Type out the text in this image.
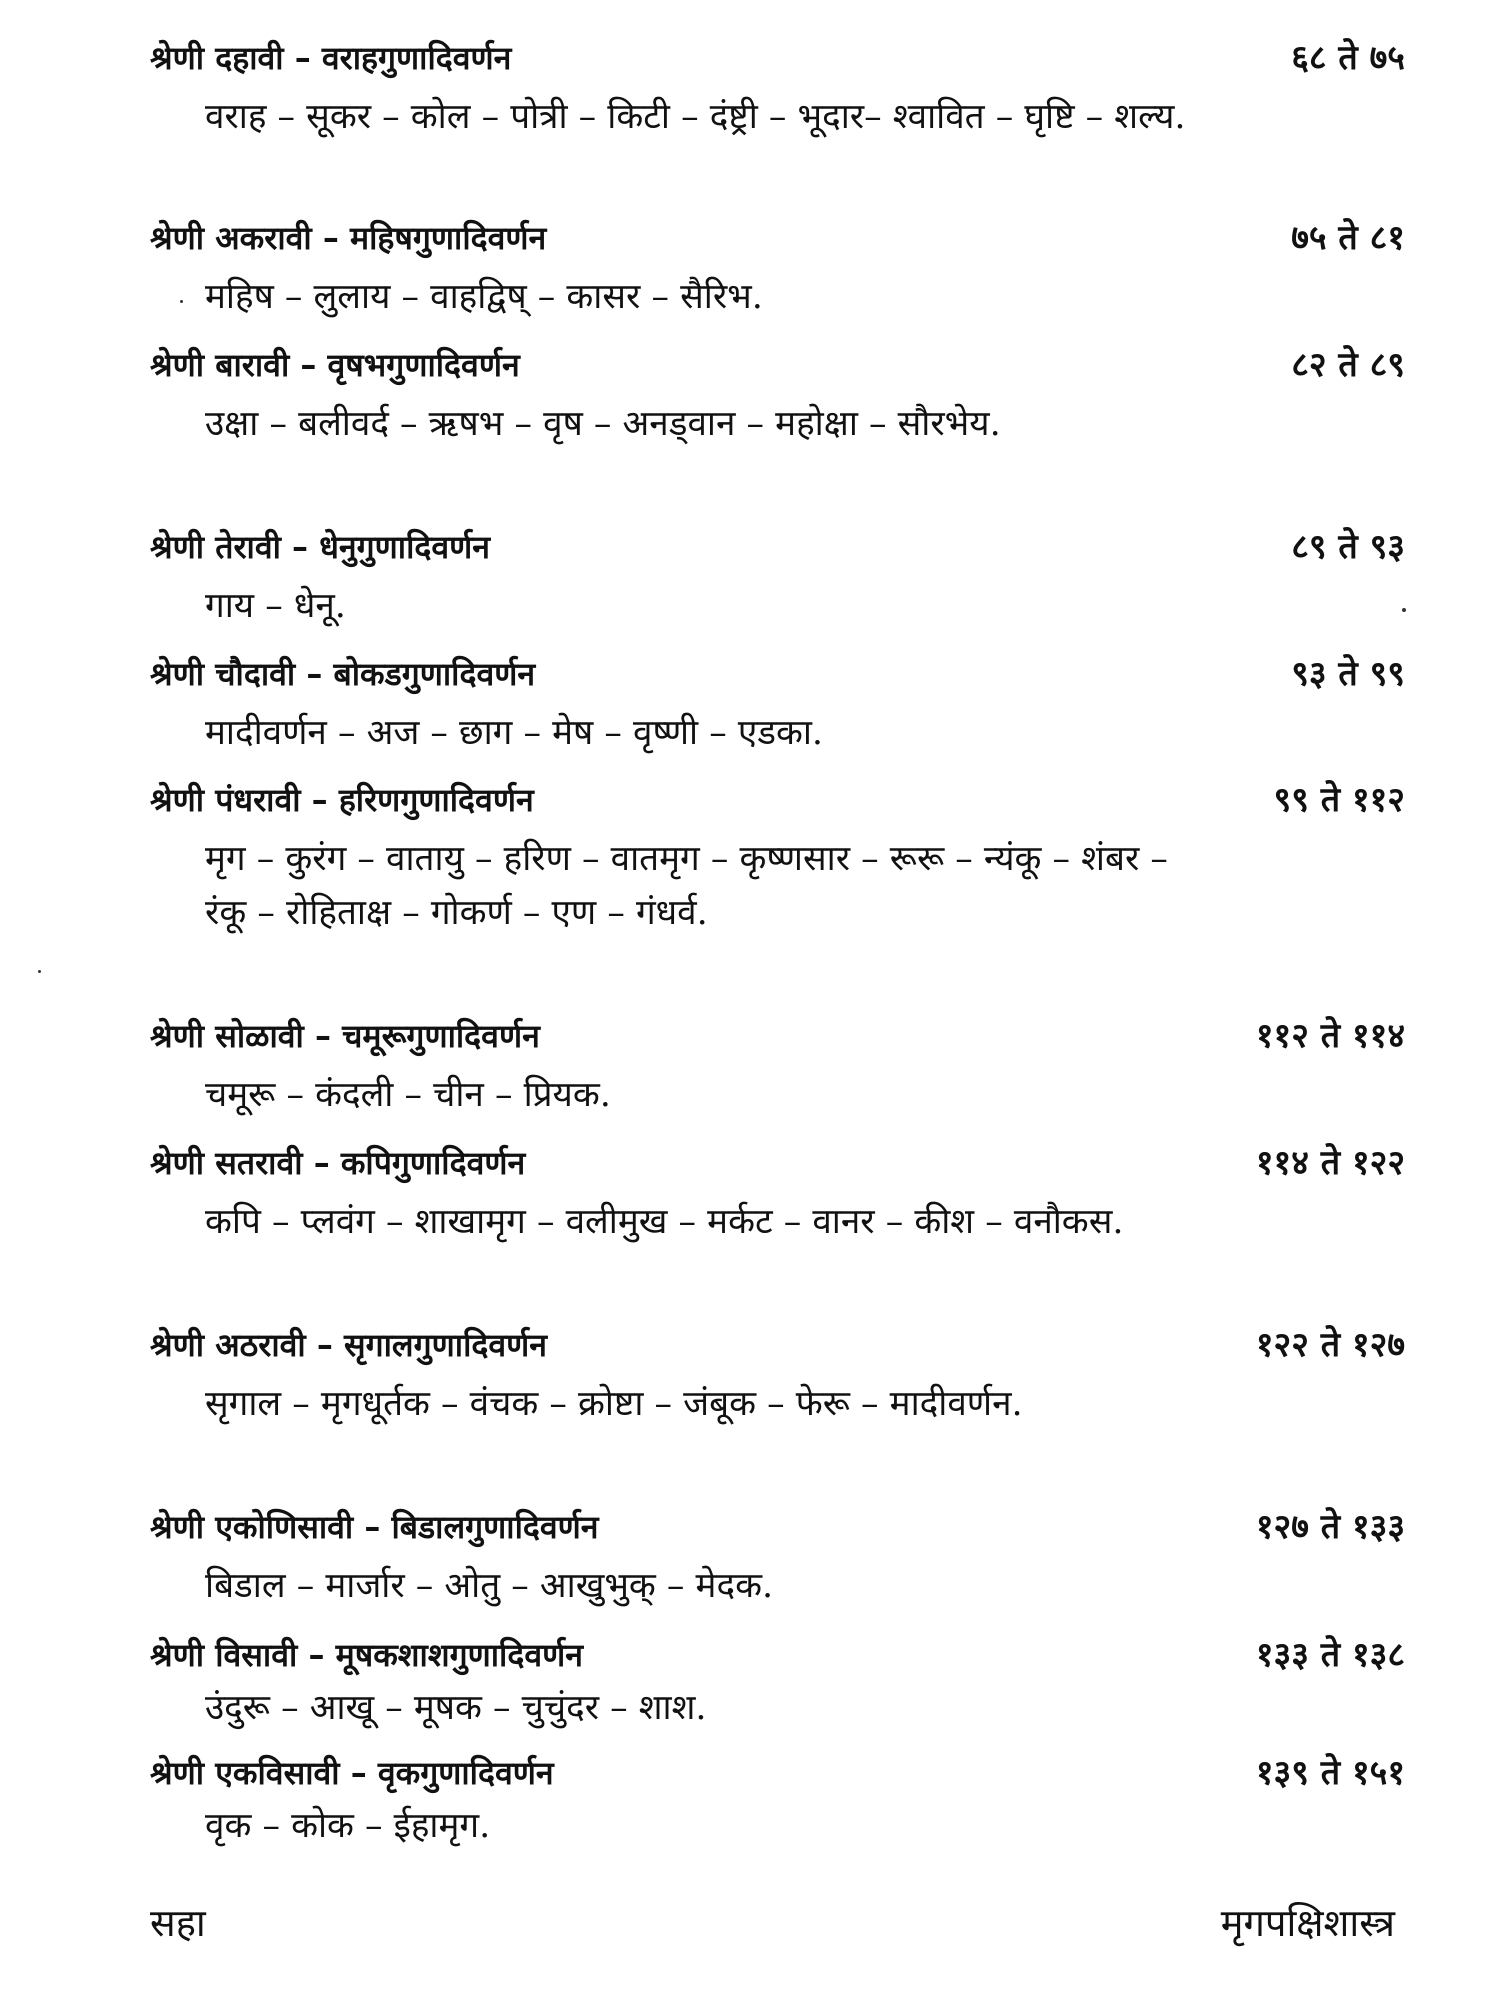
श्रेणी दहावी – वराहगुणादिवर्णन	६८ ते ७५
वराह – सूकर – कोल – पोत्री – किटी – दंष्ट्री – भूदार– श्वावित – घृष्टि – शल्य.
श्रेणी अकरावी – महिषगुणादिवर्णन	७५ ते ८१
महिष – लुलाय – वाहद्विष् – कासर – सैरिभ.
श्रेणी बारावी – वृषभगुणादिवर्णन	८२ ते ८९
उक्षा – बलीवर्द – ऋषभ – वृष – अनड्वान – महोक्षा – सौरभेय.
श्रेणी तेरावी – धेनुगुणादिवर्णन	८९ ते ९३
गाय – धेनू.
श्रेणी चौदावी – बोकडगुणादिवर्णन	९३ ते ९९
मादीवर्णन – अज – छाग – मेष – वृष्णी – एडका.
श्रेणी पंधरावी – हरिणगुणादिवर्णन	९९ ते ११२
मृग – कुरंग – वातायु – हरिण – वातमृग – कृष्णसार – रूरू – न्यंकू – शंबर – रंकू – रोहिताक्ष – गोकर्ण – एण – गंधर्व.
श्रेणी सोळावी – चमूरूगुणादिवर्णन	११२ ते ११४
चमूरू – कंदली – चीन – प्रियक.
श्रेणी सतरावी – कपिगुणादिवर्णन	११४ ते १२२
कपि – प्लवंग – शाखामृग – वलीमुख – मर्कट – वानर – कीश – वनौकस.
श्रेणी अठरावी – सृगालगुणादिवर्णन	१२२ ते १२७
सृगाल – मृगधूर्तक – वंचक – क्रोष्टा – जंबूक – फेरू – मादीवर्णन.
श्रेणी एकोणिसावी – बिडालगुणादिवर्णन	१२७ ते १३३
बिडाल – मार्जार – ओतु – आखुभुक् – मेदक.
श्रेणी विसावी – मूषकशाशगुणादिवर्णन	१३३ ते १३८
उंदुरू – आखू – मूषक – चुचुंदर – शाश.
श्रेणी एकविसावी – वृकगुणादिवर्णन	१३९ ते १५१
वृक – कोक – ईहामृग.
सहा	मृगपक्षिशास्त्र
